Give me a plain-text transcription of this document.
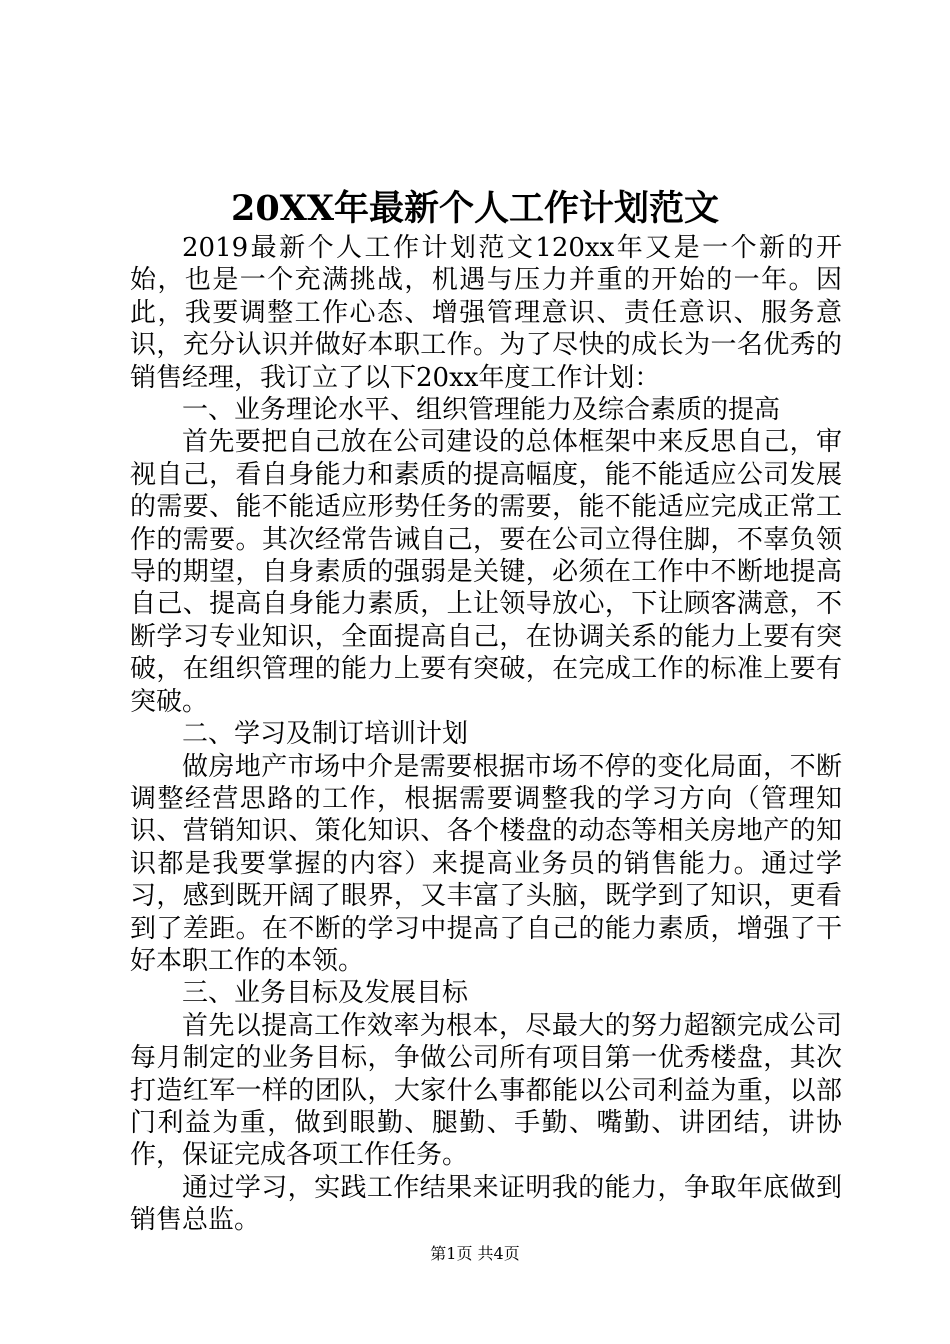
20XX年最新个人工作计划范文

2019最新个人工作计划范文120xx年又是一个新的开始，也是一个充满挑战，机遇与压力并重的开始的一年。因此，我要调整工作心态、增强管理意识、责任意识、服务意识，充分认识并做好本职工作。为了尽快的成长为一名优秀的销售经理，我订立了以下20xx年度工作计划：

一、业务理论水平、组织管理能力及综合素质的提高

首先要把自己放在公司建设的总体框架中来反思自己，审视自己，看自身能力和素质的提高幅度，能不能适应公司发展的需要、能不能适应形势任务的需要，能不能适应完成正常工作的需要。其次经常告诫自己，要在公司立得住脚，不辜负领导的期望，自身素质的强弱是关键，必须在工作中不断地提高自己、提高自身能力素质，上让领导放心，下让顾客满意，不断学习专业知识，全面提高自己，在协调关系的能力上要有突破，在组织管理的能力上要有突破，在完成工作的标准上要有突破。

二、学习及制订培训计划

做房地产市场中介是需要根据市场不停的变化局面，不断调整经营思路的工作，根据需要调整我的学习方向（管理知识、营销知识、策化知识、各个楼盘的动态等相关房地产的知识都是我要掌握的内容）来提高业务员的销售能力。通过学习，感到既开阔了眼界，又丰富了头脑，既学到了知识，更看到了差距。在不断的学习中提高了自己的能力素质，增强了干好本职工作的本领。

三、业务目标及发展目标

首先以提高工作效率为根本，尽最大的努力超额完成公司每月制定的业务目标，争做公司所有项目第一优秀楼盘，其次打造红军一样的团队，大家什么事都能以公司利益为重，以部门利益为重，做到眼勤、腿勤、手勤、嘴勤、讲团结，讲协作，保证完成各项工作任务。

通过学习，实践工作结果来证明我的能力，争取年底做到销售总监。

第1页 共4页
